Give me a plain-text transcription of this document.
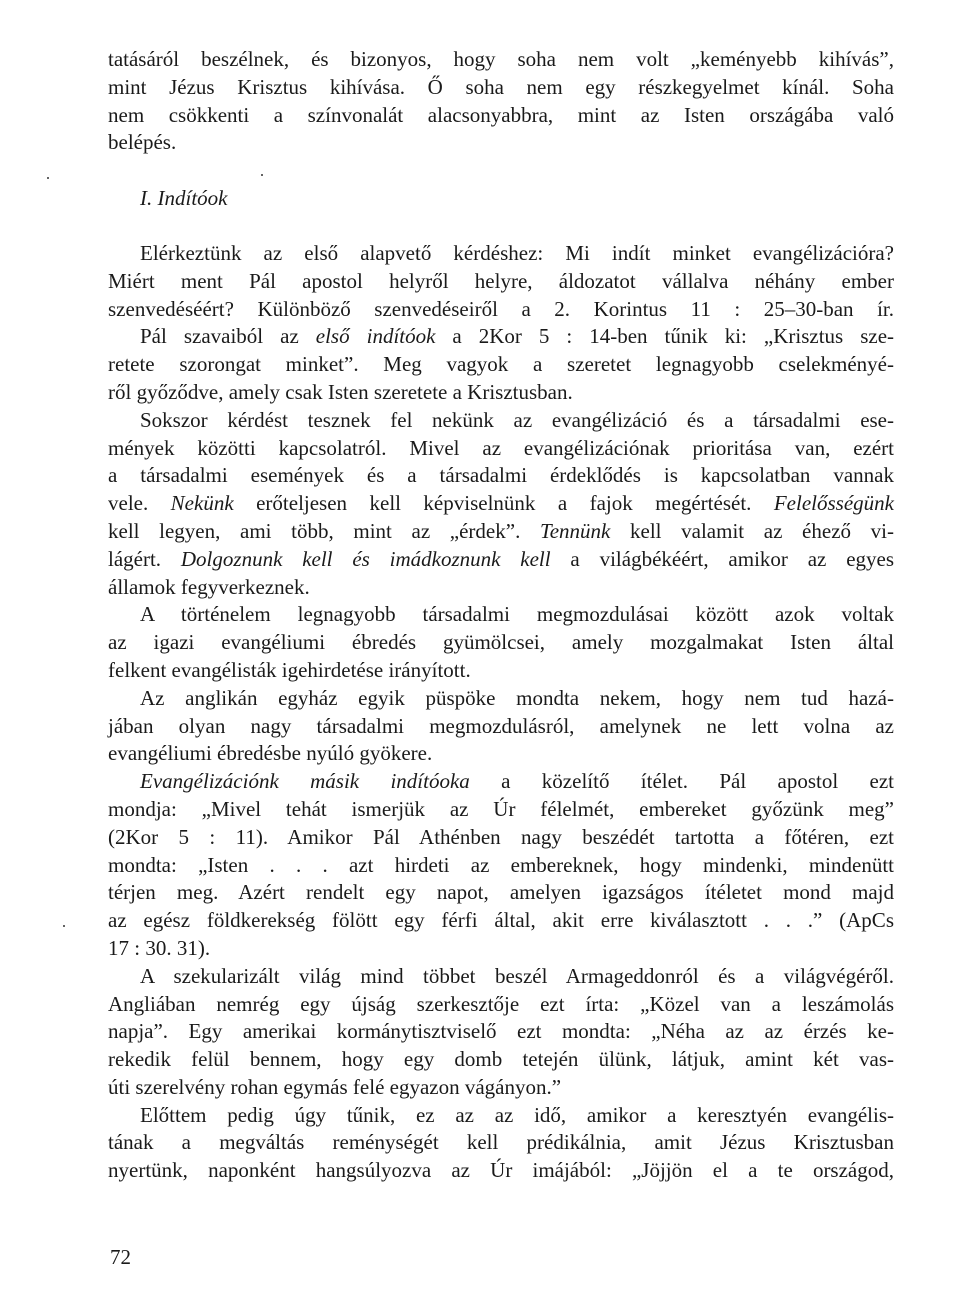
tatásáról beszélnek, és bizonyos, hogy soha nem volt „keményebb kihívás”,
mint Jézus Krisztus kihívása. Ő soha nem egy részkegyelmet kínál. Soha
nem csökkenti a színvonalát alacsonyabbra, mint az Isten országába való
belépés.
I. Indítóok
Elérkeztünk az első alapvető kérdéshez: Mi indít minket evangélizációra?
Miért ment Pál apostol helyről helyre, áldozatot vállalva néhány ember
szenvedéséért? Különböző szenvedéseiről a 2. Korintus 11 : 25–30-ban ír.
Pál szavaiból az első indítóok a 2Kor 5 : 14-ben tűnik ki: „Krisztus sze-
retete szorongat minket”. Meg vagyok a szeretet legnagyobb cselekményé-
ről győződve, amely csak Isten szeretete a Krisztusban.
Sokszor kérdést tesznek fel nekünk az evangélizáció és a társadalmi ese-
mények közötti kapcsolatról. Mivel az evangélizációnak prioritása van, ezért
a társadalmi események és a társadalmi érdeklődés is kapcsolatban vannak
vele. Nekünk erőteljesen kell képviselnünk a fajok megértését. Felelősségünk
kell legyen, ami több, mint az „érdek”. Tennünk kell valamit az éhező vi-
lágért. Dolgoznunk kell és imádkoznunk kell a világbékéért, amikor az egyes
államok fegyverkeznek.
A történelem legnagyobb társadalmi megmozdulásai között azok voltak
az igazi evangéliumi ébredés gyümölcsei, amely mozgalmakat Isten által
felkent evangélisták igehirdetése irányított.
Az anglikán egyház egyik püspöke mondta nekem, hogy nem tud hazá-
jában olyan nagy társadalmi megmozdulásról, amelynek ne lett volna az
evangéliumi ébredésbe nyúló gyökere.
Evangélizációnk másik indítóoka a közelítő ítélet. Pál apostol ezt
mondja: „Mivel tehát ismerjük az Úr félelmét, embereket győzünk meg”
(2Kor 5 : 11). Amikor Pál Athénben nagy beszédét tartotta a főtéren, ezt
mondta: „Isten . . . azt hirdeti az embereknek, hogy mindenki, mindenütt
térjen meg. Azért rendelt egy napot, amelyen igazságos ítéletet mond majd
az egész földkerekség fölött egy férfi által, akit erre kiválasztott . . .” (ApCs
17 : 30. 31).
A szekularizált világ mind többet beszél Armageddonról és a világvégéről.
Angliában nemrég egy újság szerkesztője ezt írta: „Közel van a leszámolás
napja”. Egy amerikai kormánytisztviselő ezt mondta: „Néha az az érzés ke-
rekedik felül bennem, hogy egy domb tetején ülünk, látjuk, amint két vas-
úti szerelvény rohan egymás felé egyazon vágányon.”
Előttem pedig úgy tűnik, ez az az idő, amikor a keresztyén evangélis-
tának a megváltás reménységét kell prédikálnia, amit Jézus Krisztusban
nyertünk, naponként hangsúlyozva az Úr imájából: „Jöjjön el a te országod,
72
